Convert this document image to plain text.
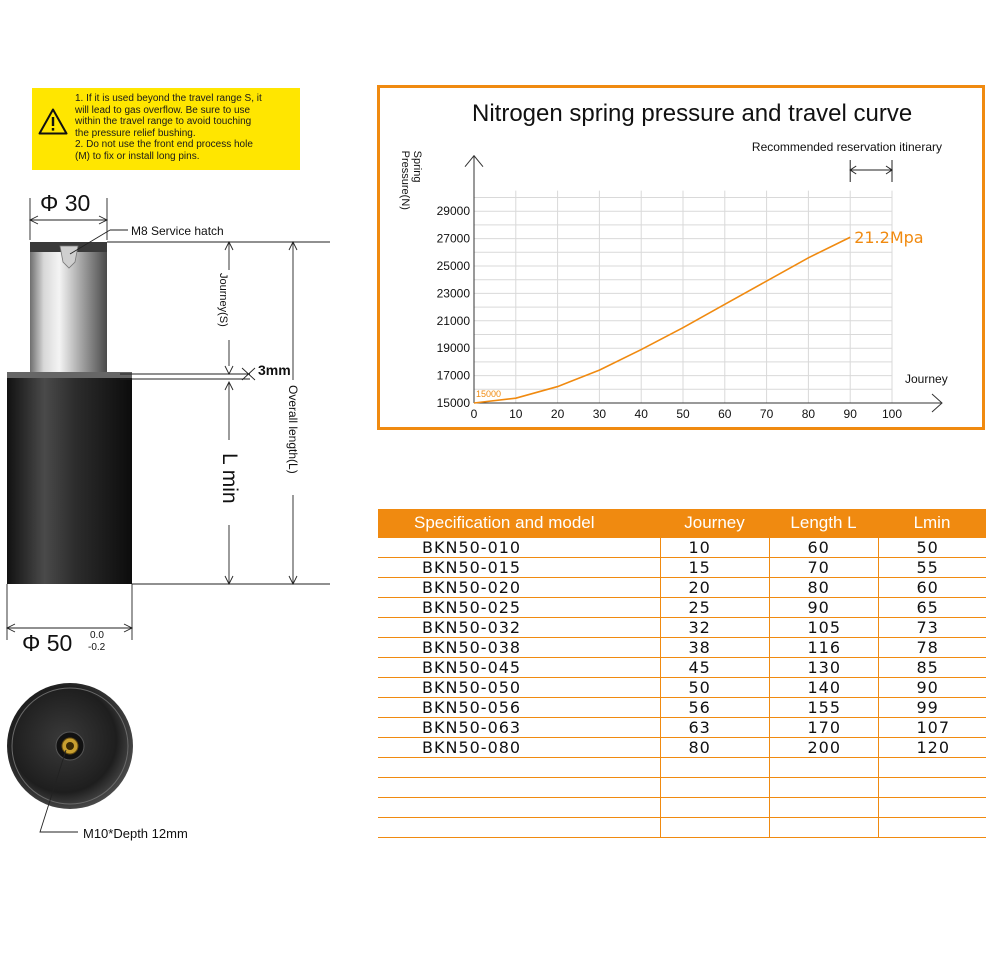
1. If it is used beyond the travel range S, it
will lead to gas overflow. Be sure to use
within the travel range to avoid touching
the pressure relief bushing.
2. Do not use the front end process hole
(M) to fix or install long pins.
Φ 30
M8 Service hatch
Journey(S)
3mm
Overall length(L)
L min
Φ 50 0.0
-0.2
M10*Depth 12mm
Nitrogen spring pressure and travel curve
15000
17000
19000
21000
23000
25000
27000
29000
0	10 20 30 40 50 60 70 80 90 100
SpringPressure(N)
Journey
15000
21.2Mpa
Recommended reservation itinerary
Specification and model	Journey	Length L	Lmin
BKN50-010	10	60	50
BKN50-015	15	70	55
BKN50-020	20	80	60
BKN50-025	25	90	65
BKN50-032	32	105	73
BKN50-038	38	116	78
BKN50-045	45	130	85
BKN50-050	50	140	90
BKN50-056	56	155	99
BKN50-063	63	170	107
BKN50-080	80	200	120
